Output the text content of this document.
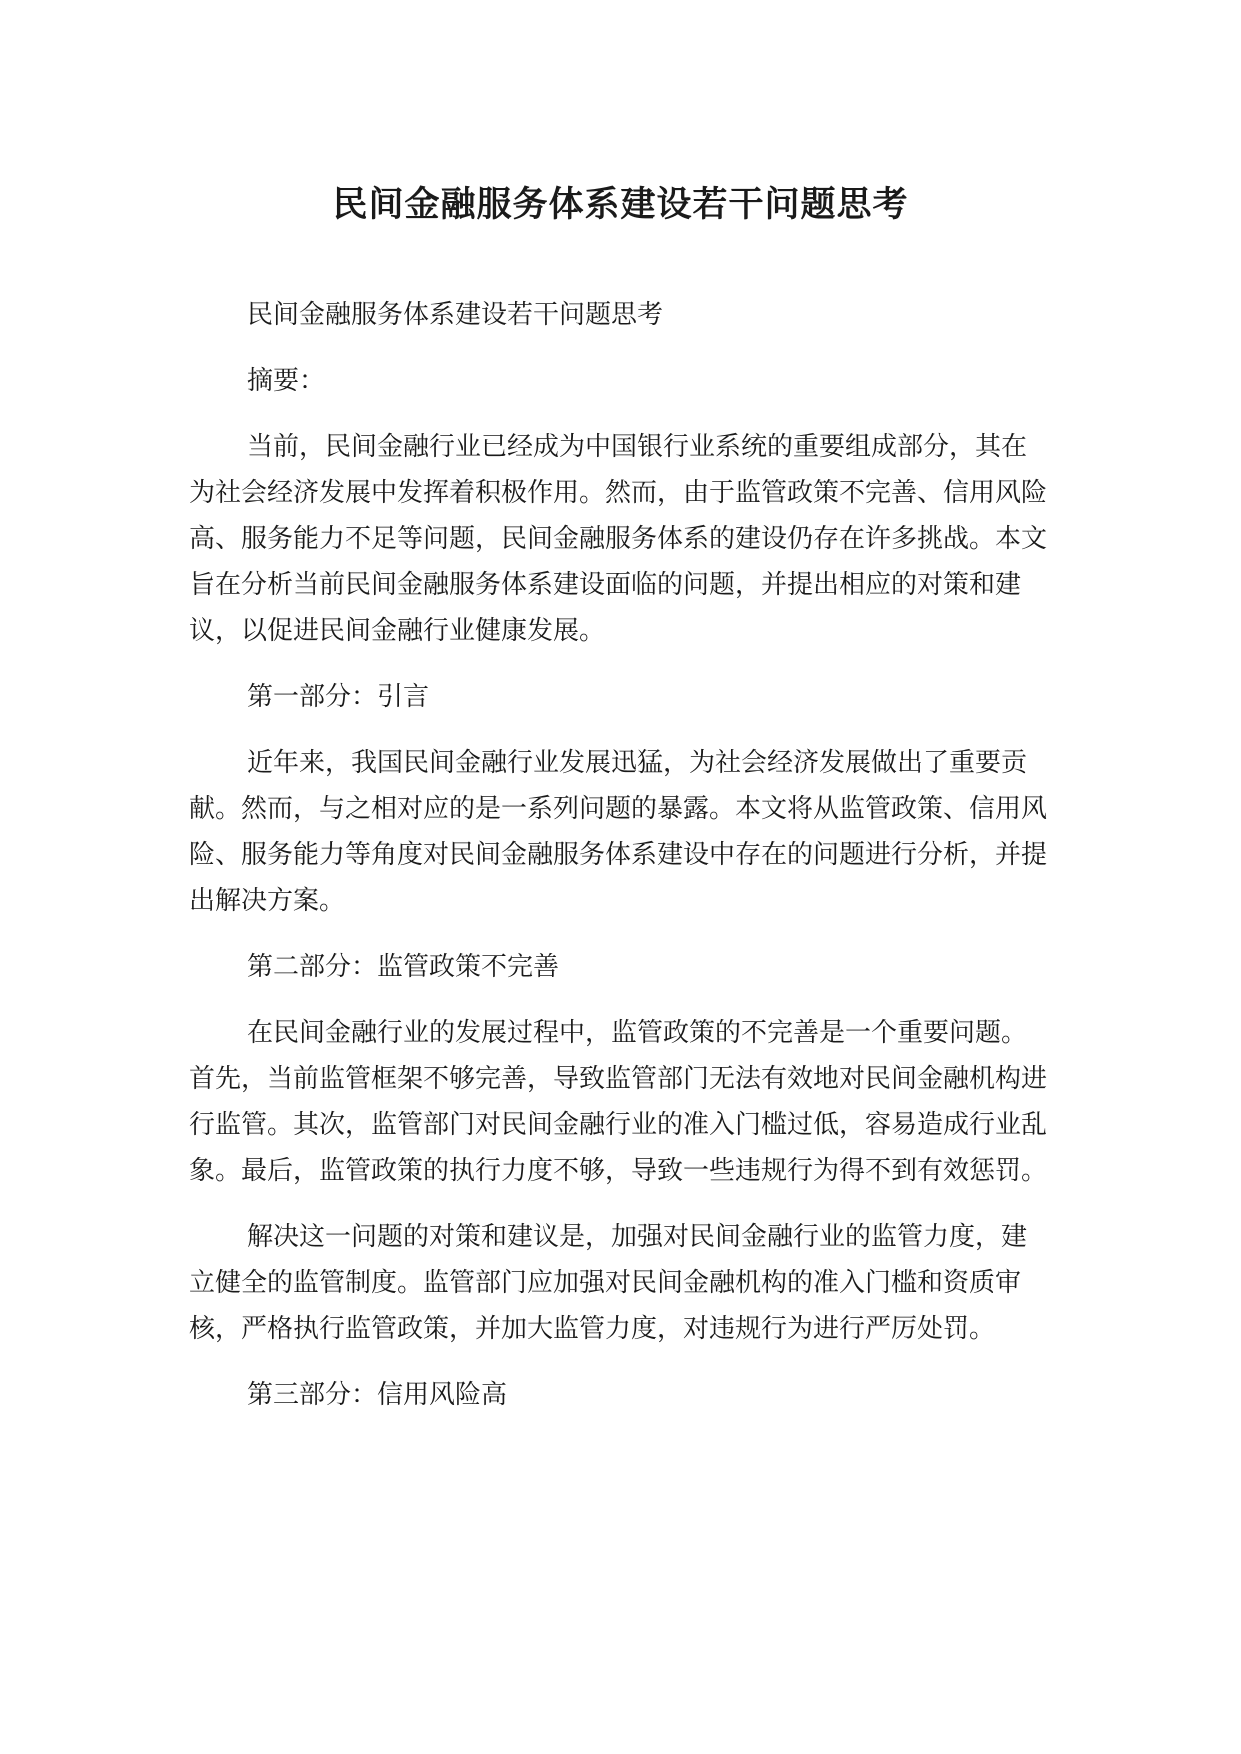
民间金融服务体系建设若干问题思考

民间金融服务体系建设若干问题思考

摘要：

当前，民间金融行业已经成为中国银行业系统的重要组成部分，其在为社会经济发展中发挥着积极作用。然而，由于监管政策不完善、信用风险高、服务能力不足等问题，民间金融服务体系的建设仍存在许多挑战。本文旨在分析当前民间金融服务体系建设面临的问题，并提出相应的对策和建议，以促进民间金融行业健康发展。

第一部分：引言

近年来，我国民间金融行业发展迅猛，为社会经济发展做出了重要贡献。然而，与之相对应的是一系列问题的暴露。本文将从监管政策、信用风险、服务能力等角度对民间金融服务体系建设中存在的问题进行分析，并提出解决方案。

第二部分：监管政策不完善

在民间金融行业的发展过程中，监管政策的不完善是一个重要问题。首先，当前监管框架不够完善，导致监管部门无法有效地对民间金融机构进行监管。其次，监管部门对民间金融行业的准入门槛过低，容易造成行业乱象。最后，监管政策的执行力度不够，导致一些违规行为得不到有效惩罚。

解决这一问题的对策和建议是，加强对民间金融行业的监管力度，建立健全的监管制度。监管部门应加强对民间金融机构的准入门槛和资质审核，严格执行监管政策，并加大监管力度，对违规行为进行严厉处罚。

第三部分：信用风险高
